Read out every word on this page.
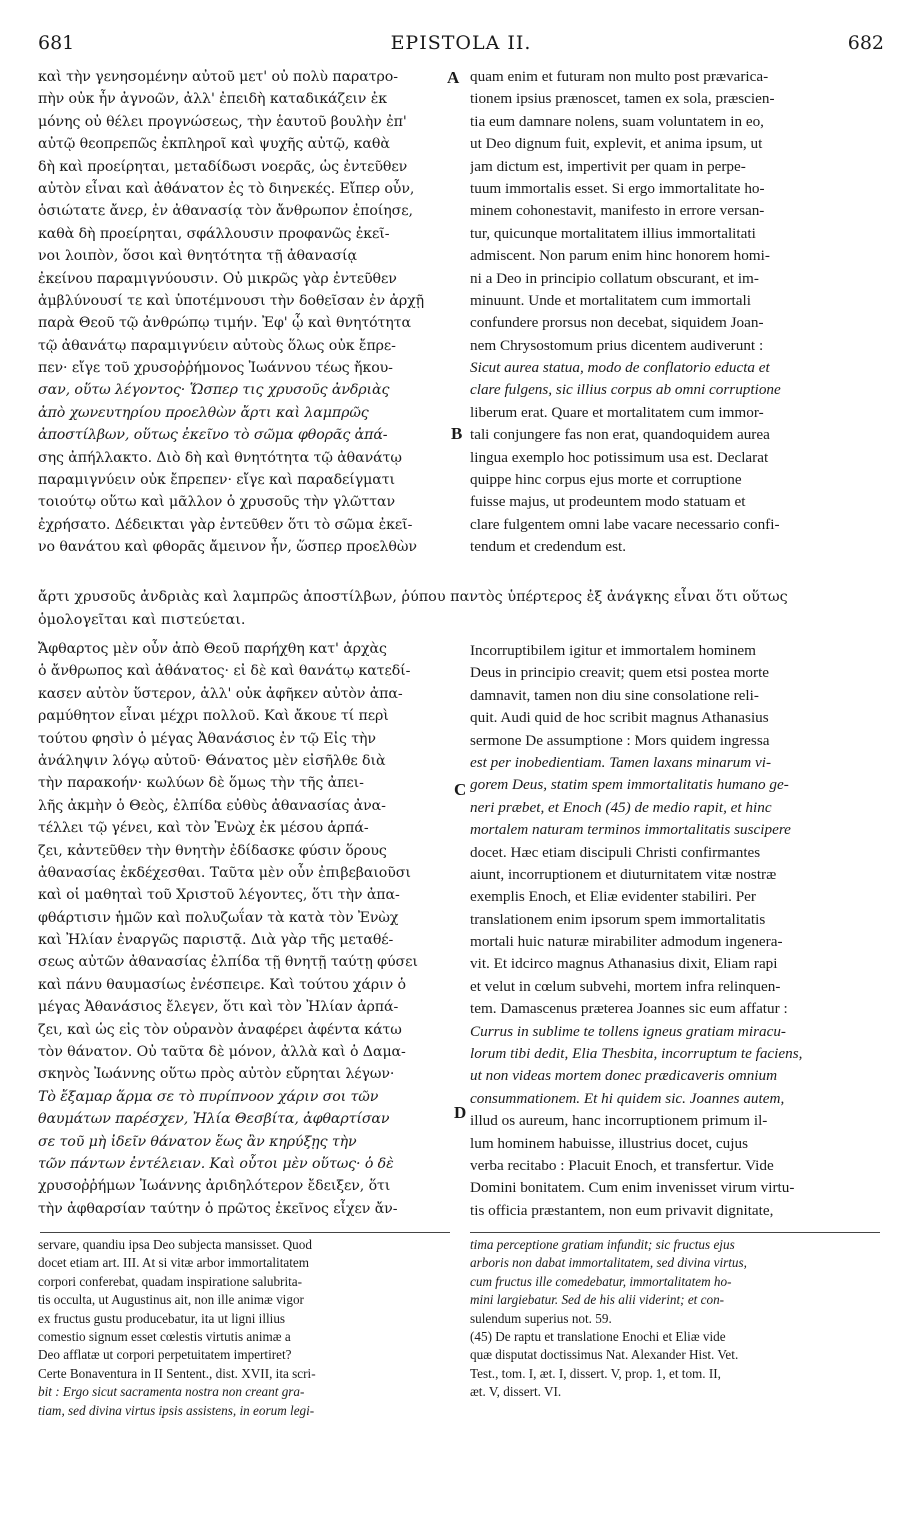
681	EPISTOLA II.	682
A
B
C
D
καὶ τὴν γενησομένην αὐτοῦ μετ' οὐ πολὺ παρατρο-
πὴν οὐκ ἦν ἀγνοῶν, ἀλλ' ἐπειδὴ καταδικάζειν ἐκ
μόνης οὐ θέλει προγνώσεως, τὴν ἑαυτοῦ βουλὴν ἐπ'
αὐτῷ θεοπρεπῶς ἐκπληροῖ καὶ ψυχῆς αὐτῷ, καθὰ
δὴ καὶ προείρηται, μεταδίδωσι νοερᾶς, ὡς ἐντεῦθεν
αὐτὸν εἶναι καὶ ἀθάνατον ἐς τὸ διηνεκές. Εἴπερ οὖν,
ὁσιώτατε ἄνερ, ἐν ἀθανασίᾳ τὸν ἄνθρωπον ἐποίησε,
καθὰ δὴ προείρηται, σφάλλουσιν προφανῶς ἐκεῖ-
νοι λοιπὸν, ὅσοι καὶ θνητότητα τῇ ἀθανασίᾳ
ἐκείνου παραμιγνύουσιν. Οὐ μικρῶς γὰρ ἐντεῦθεν
ἀμβλύνουσί τε καὶ ὑποτέμνουσι τὴν δοθεῖσαν ἐν ἀρχῇ
παρὰ Θεοῦ τῷ ἀνθρώπῳ τιμήν. Ἐφ' ᾧ καὶ θνητότητα
τῷ ἀθανάτῳ παραμιγνύειν αὐτοὺς ὅλως οὐκ ἔπρε-
πεν· εἴγε τοῦ χρυσοῤῥήμονος Ἰωάννου τέως ἤκου-
σαν, οὕτω λέγοντος· Ὥσπερ τις χρυσοῦς ἀνδριὰς
ἀπὸ χωνευτηρίου προελθὼν ἄρτι καὶ λαμπρῶς
ἀποστίλβων, οὕτως ἐκεῖνο τὸ σῶμα φθορᾶς ἀπά-
σης ἀπήλλακτο. Διὸ δὴ καὶ θνητότητα τῷ ἀθανάτῳ
παραμιγνύειν οὐκ ἔπρεπεν· εἴγε καὶ παραδείγματι
τοιούτῳ οὕτω καὶ μᾶλλον ὁ χρυσοῦς τὴν γλῶτταν
ἐχρήσατο. Δέδεικται γὰρ ἐντεῦθεν ὅτι τὸ σῶμα ἐκεῖ-
νο θανάτου καὶ φθορᾶς ἄμεινον ἦν, ὥσπερ προελθὼν
quam enim et futuram non multo post prævarica-
tionem ipsius prænoscet, tamen ex sola, præscien-
tia eum damnare nolens, suam voluntatem in eo,
ut Deo dignum fuit, explevit, et anima ipsum, ut
jam dictum est, impertivit per quam in perpe-
tuum immortalis esset. Si ergo immortalitate ho-
minem cohonestavit, manifesto in errore versan-
tur, quicunque mortalitatem illius immortalitati
admiscent. Non parum enim hinc honorem homi-
ni a Deo in principio collatum obscurant, et im-
minuunt. Unde et mortalitatem cum immortali
confundere prorsus non decebat, siquidem Joan-
nem Chrysostomum prius dicentem audiverunt :
Sicut aurea statua, modo de conflatorio educta et
clare fulgens, sic illius corpus ab omni corruptione
liberum erat. Quare et mortalitatem cum immor-
tali conjungere fas non erat, quandoquidem aurea
lingua exemplo hoc potissimum usa est. Declarat
quippe hinc corpus ejus morte et corruptione
fuisse majus, ut prodeuntem modo statuam et
clare fulgentem omni labe vacare necessario confi-
tendum et credendum est.
ἄρτι χρυσοῦς ἀνδριὰς καὶ λαμπρῶς ἀποστίλβων, ῥύπου παντὸς ὑπέρτερος ἐξ ἀνάγκης εἶναι ὅτι οὕτως
ὁμολογεῖται καὶ πιστεύεται.
Ἄφθαρτος μὲν οὖν ἀπὸ Θεοῦ παρήχθη κατ' ἀρχὰς
ὁ ἄνθρωπος καὶ ἀθάνατος· εἰ δὲ καὶ θανάτῳ κατεδί-
κασεν αὐτὸν ὕστερον, ἀλλ' οὐκ ἀφῆκεν αὐτὸν ἀπα-
ραμύθητον εἶναι μέχρι πολλοῦ. Καὶ ἄκουε τί περὶ
τούτου φησὶν ὁ μέγας Ἀθανάσιος ἐν τῷ Εἰς τὴν
ἀνάληψιν λόγῳ αὐτοῦ· Θάνατος μὲν εἰσῆλθε διὰ
τὴν παρακοήν· κωλύων δὲ ὅμως τὴν τῆς ἀπει-
λῆς ἀκμὴν ὁ Θεὸς, ἐλπίδα εὐθὺς ἀθανασίας ἀνα-
τέλλει τῷ γένει, καὶ τὸν Ἐνὼχ ἐκ μέσου ἁρπά-
ζει, κἀντεῦθεν τὴν θνητὴν ἐδίδασκε φύσιν ὅρους
ἀθανασίας ἐκδέχεσθαι. Ταῦτα μὲν οὖν ἐπιβεβαιοῦσι
καὶ οἱ μαθηταὶ τοῦ Χριστοῦ λέγοντες, ὅτι τὴν ἀπα-
φθάρτισιν ἡμῶν καὶ πολυζωΐαν τὰ κατὰ τὸν Ἐνὼχ
καὶ Ἠλίαν ἐναργῶς παριστᾷ. Διὰ γὰρ τῆς μεταθέ-
σεως αὐτῶν ἀθανασίας ἐλπίδα τῇ θνητῇ ταύτῃ φύσει
καὶ πάνυ θαυμασίως ἐνέσπειρε. Καὶ τούτου χάριν ὁ
μέγας Ἀθανάσιος ἔλεγεν, ὅτι καὶ τὸν Ἠλίαν ἁρπά-
ζει, καὶ ὡς εἰς τὸν οὐρανὸν ἀναφέρει ἀφέντα κάτω
τὸν θάνατον. Οὐ ταῦτα δὲ μόνον, ἀλλὰ καὶ ὁ Δαμα-
σκηνὸς Ἰωάννης οὕτω πρὸς αὐτὸν εὔρηται λέγων·
Τὸ ἔξαμαρ ἅρμα σε τὸ πυρίπνοον χάριν σοι τῶν
θαυμάτων παρέσχεν, Ἠλία Θεσβίτα, ἀφθαρτίσαν
σε τοῦ μὴ ἰδεῖν θάνατον ἕως ἂν κηρύξῃς τὴν
τῶν πάντων ἐντέλειαν. Καὶ οὗτοι μὲν οὕτως· ὁ δὲ
χρυσοῤῥήμων Ἰωάννης ἀριδηλότερον ἔδειξεν, ὅτι
τὴν ἀφθαρσίαν ταύτην ὁ πρῶτος ἐκεῖνος εἶχεν ἄν-
Incorruptibilem igitur et immortalem hominem
Deus in principio creavit; quem etsi postea morte
damnavit, tamen non diu sine consolatione reli-
quit. Audi quid de hoc scribit magnus Athanasius
sermone De assumptione : Mors quidem ingressa
est per inobedientiam. Tamen laxans minarum vi-
gorem Deus, statim spem immortalitatis humano ge-
neri præbet, et Enoch (45) de medio rapit, et hinc
mortalem naturam terminos immortalitatis suscipere
docet. Hæc etiam discipuli Christi confirmantes
aiunt, incorruptionem et diuturnitatem vitæ nostræ
exemplis Enoch, et Eliæ evidenter stabiliri. Per
translationem enim ipsorum spem immortalitatis
mortali huic naturæ mirabiliter admodum ingenera-
vit. Et idcirco magnus Athanasius dixit, Eliam rapi
et velut in cœlum subvehi, mortem infra relinquen-
tem. Damascenus præterea Joannes sic eum affatur :
Currus in sublime te tollens igneus gratiam miracu-
lorum tibi dedit, Elia Thesbita, incorruptum te faciens,
ut non videas mortem donec prædicaveris omnium
consummationem. Et hi quidem sic. Joannes autem,
illud os aureum, hanc incorruptionem primum il-
lum hominem habuisse, illustrius docet, cujus
verba recitabo : Placuit Enoch, et transfertur. Vide
Domini bonitatem. Cum enim invenisset virum virtu-
tis officia præstantem, non eum privavit dignitate,
servare, quandiu ipsa Deo subjecta mansisset. Quod
docet etiam art. III. At si vitæ arbor immortalitatem
corpori conferebat, quadam inspiratione salubrita-
tis occulta, ut Augustinus ait, non ille animæ vigor
ex fructus gustu producebatur, ita ut ligni illius
comestio signum esset cœlestis virtutis animæ a
Deo afflatæ ut corpori perpetuitatem impertiret?
Certe Bonaventura in II Sentent., dist. XVII, ita scri-
bit : Ergo sicut sacramenta nostra non creant gra-
tiam, sed divina virtus ipsis assistens, in eorum legi-
tima perceptione gratiam infundit; sic fructus ejus
arboris non dabat immortalitatem, sed divina virtus,
cum fructus ille comedebatur, immortalitatem ho-
mini largiebatur. Sed de his alii viderint; et con-
sulendum superius not. 59.
(45) De raptu et translatione Enochi et Eliæ vide
quæ disputat doctissimus Nat. Alexander Hist. Vet.
Test., tom. I, æt. I, dissert. V, prop. 1, et tom. II,
æt. V, dissert. VI.
